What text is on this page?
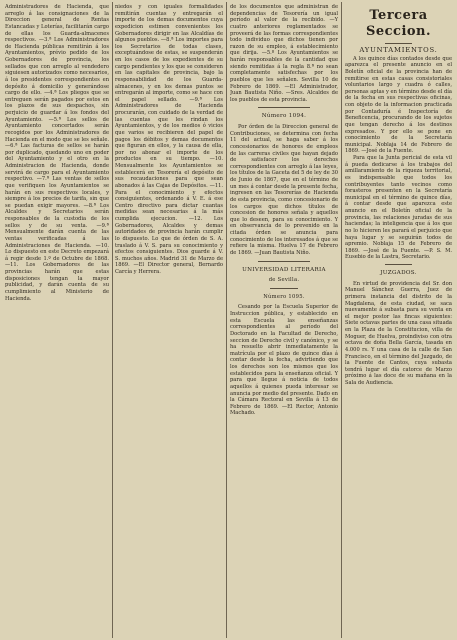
Administradores de Hacienda, que arreglo á las consignaciones de la Direccion general de Rentas Estancadas y Loterías, facilitarán cargo de ellas los Guarda-almacenes respectivos. —3.ª Los Administradores de Hacienda públicas remitirán á los Ayuntamientos, prévio pedido de los Gobernadores de provincia, los sellados que con arreglo al vendedero siguiesen autorizados como necesarios, á los presidentes correspondientes en depósito á domicilio y generándose cargo de ello. —4.ª Los pliegos que se entreguen serán pagados por estos en los plazos de sus despachos, sin perjuicio de guardar á los fondos del Ayuntamiento. —5.ª Los sellos de Ayuntamiento concertados serán recogidos por los Administradores de Hacienda en el modo que se les señale. —6.ª Las facturas de sellos se harán por duplicado, quedando uno en poder del Ayuntamiento y el otro en la Administracion de Hacienda, donde servirá de cargo para el Ayuntamiento respectivo. —7.ª Las ventas de sellos que verifiquen los Ayuntamientos se harán en sus respectivos locales, y siempre á los precios de tarifa, sin que se puedan exigir mayores. —8.ª Los Alcaldes y Secretarios serán responsables de la custodia de los sellos y de su venta. —9.ª Mensualmente darán cuenta de las ventas verificadas á las Administraciones de Hacienda. —10. Lo dispuesto en este Decreto empezará á regir desde 1.º de Octubre de 1868. —11. Los Gobernadores de las provincias harán que estas disposiciones tengan la mayor publicidad, y darán cuenta de su cumplimiento al Ministerio de Hacienda.

niedos y con iguales formalidades remitirán cuentas y entregarán el importe de los demas documentos cuya expedicion estimen convenientes los Gobernadores dirigir en las Alcaldías de algunos pueblos. —8.ª Los importes para los Secretarios de todas clases, exceptuándose de estas, se suspenderán en los casos de los expedientes de su cargo pendientes y los que se consideren en las capitales de provincia, bajo la responsabilidad de los Guarda-almacenes, y en los demas puntos se entregarán al importe, como se hace con el papel sellado. —9.ª Los Administradores de Hacienda procurarán, con cuidado de la verdad de las cuentas que les rindan los Ayuntamientos, y de los medios ó vicios que varios se recibieren del papel de pagos los débitos y demas documentos que figuran en ellos, y la causa de ella, por no abonar el importe de los productos en su tiempo. —10. Mensualmente los Ayuntamientos se establecerá en Tesorería el depósito de sus recaudaciones para que sean abonados á las Cajas de Depósitos. —11. Para el conocimiento y efectos consiguientes, ordenando á V. E. á ese Centro directivo para dictar cuantas medidas sean necesarias á la más cumplida ejecucion. —12. Los Gobernadores, Alcaldes y demas autoridades de provincia harán cumplir lo dispuesto. Lo que de órden de S. A. traslado á V. S. para su conocimiento y efectos consiguientes. Dios guarde á V. S. muchos años. Madrid 31 de Marzo de 1869. —El Director general, Bernardo Carcía y Herrera.

de los documentos que administran de dependencias de Tesorería un igual período al valor de la recibido. —Y cuatro anteriores reglamentados se proveerá de las formas correspondientes todo individuo que dichos tienen por razon de su empleo, á establecimiento que dirija. —5.º Los Ayuntamientos se harán responsables de la cantidad que siendo remitidas á la regla 8.ª no sean completamente satisfechas por los pueblos que les señalen. Sevilla 10 de Febrero de 1869. —El Administrador, Juan Bautista Niño. —Sres. Alcaldes de los pueblos de esta provincia.

Número 1094.

Por órden de la Direccion general de Contribuciones, se determina con fecha 11 del actual, se haga saber á los concesionarios de honores de empleos de las carreras civiles que hayan dejado de satisfacer los derechos correspondientes con arreglo á las leyes, los títulos de la Gaceta del 5 de ley de 30 de Junio de 1867, que en el término de un mes á contar desde la presente fecha, ingresen en las Tesorerías de Hacienda de esta provincia, como concesionario de los cargos que dichos títulos de concesion de honores señala y aquellos que lo deseen, para su conocimiento. Y en observancia de lo prevenido en la citada órden se anuncia para conocimiento de los interesados á que se refiere la misma. Huelva 17 de Febrero de 1869. —Juan Bautista Niño.

UNIVERSIDAD LITERARIA
de Sevilla.
Número 1095.

Cesando por la Escuela Superior de Instruccion pública, y establecido en esta Escuela las enseñanzas correspondientes al período del Doctorado en la Facultad de Derecho, seccion de Derecho civil y canónico, y se ha resuelto abrir inmediatamente la matrícula por el plazo de quince días á contar desde la fecha, advirtiendo que los derechos son los mismos que los establecidos para la enseñanza oficial. Y para que llegue á noticia de todos aquellos á quienes pueda interesar se anuncia por medio del presente. Dado en la Cámara Rectoral en Sevilla á 13 de Febrero de 1869. —El Rector, Antonio Machado.

Tercera Seccion.
AYUNTAMIENTOS.

A los quince días contados desde que aparezca el presente anuncio en el Boletín oficial de la provincia han de remitirse en estas casas consistoriales voluntarios largo y cuadra ó calles, personas aptas y en término desde el día de la fecha en sus respectivas oficinas, con objeto de la informacion practicada por Contaduría é Inspectoría de Beneficencia, procurando de los sujetos que tengan derecho á los destinos expresados. Y por ello se pone en conocimiento de la Secretaría municipal. Noblaja 14 de Febrero de 1869. —José de la Fuente.

Para que la Junta pericial de esta vil á pueda dedicarse á los trabajos del amillaramiento de la riqueza territorial, es indispensable que todos los contribuyentes tanto vecinos como forasteros presenten en la Secretaría municipal en el término de quince días, á contar desde que aparezca este anuncio en el Boletín oficial de la provincia, las relaciones juradas de sus haciendas; la inteligencia que á los que no lo hicieren les parará el perjuicio que haya lugar y se seguirán todos de apremio. Noblaja 15 de Febrero de 1869. —José de la Fuente. —P. S. M. Eusebio de la Lastra, Secretario.

JUZGADOS.

En virtud de providencia del Sr. don Manuel Sánchez Guerra, Juez de primera instancia del distrito de la Magdalena, de esta ciudad, se saca nuevamente á subasta para su venta en el mejor postor las fincas siguientes: Siete octavas partes de una casa situada en la Plaza de la Constitucion, villa de Moguer, de Huelva, proindiviso con otra octava de doña Bella García, tasada en 4.000 rs. Y una casa de la calle de San Francisco, en el término del Juzgado, de la Fuente de Cantos, cuya subasta tendrá lugar el día catorce de Marzo próximo á las doce de su mañana en la Sala de Audiencia.
